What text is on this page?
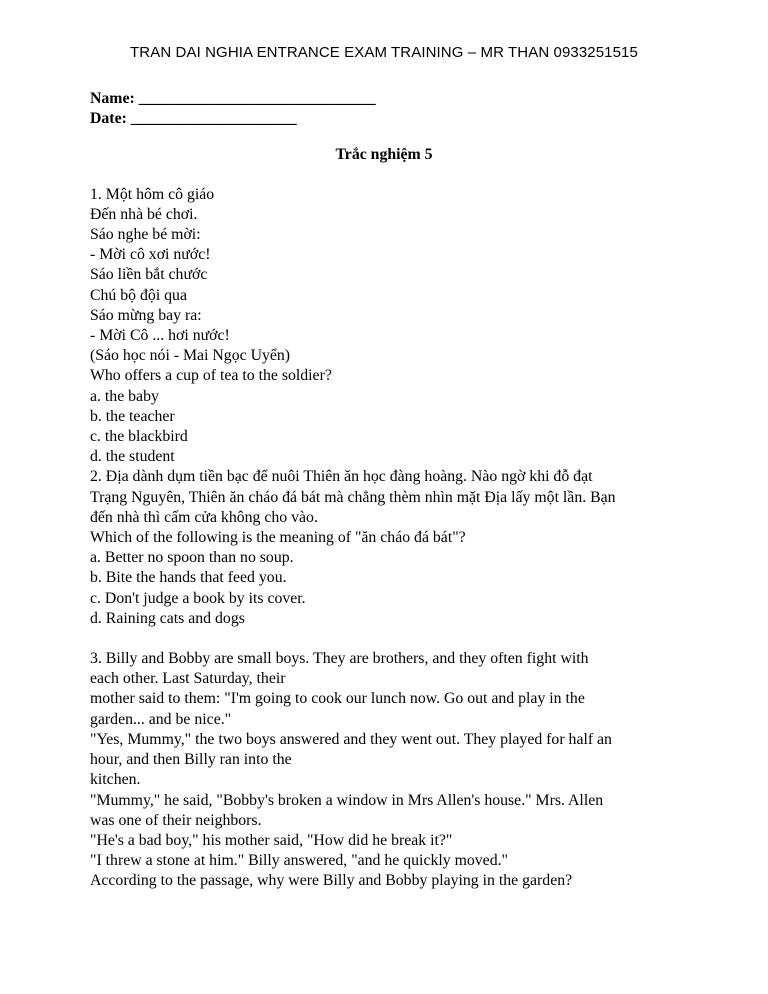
TRAN DAI NGHIA ENTRANCE EXAM TRAINING – MR THAN 0933251515
Name: ______________________________
Date: _____________________
Trắc nghiệm 5
1. Một hôm cô giáo
Đến nhà bé chơi.
Sáo nghe bé mời:
- Mời cô xơi nước!
Sáo liền bắt chước
Chú bộ đội qua
Sáo mừng bay ra:
- Mời Cô ... hơi nước!
(Sáo học nói - Mai Ngọc Uyển)
Who offers a cup of tea to the soldier?
a. the baby
b. the teacher
c. the blackbird
d. the student
2. Địa dành dụm tiền bạc để nuôi Thiên ăn học đàng hoàng. Nào ngờ khi đỗ đạt
Trạng Nguyên, Thiên ăn cháo đá bát mà chẳng thèm nhìn mặt Địa lấy một lần. Bạn
đến nhà thì cấm cửa không cho vào.
Which of the following is the meaning of "ăn cháo đá bát"?
a. Better no spoon than no soup.
b. Bite the hands that feed you.
c. Don't judge a book by its cover.
d. Raining cats and dogs
3. Billy and Bobby are small boys. They are brothers, and they often fight with
each other. Last Saturday, their
mother said to them: "I'm going to cook our lunch now. Go out and play in the
garden... and be nice."
"Yes, Mummy," the two boys answered and they went out. They played for half an
hour, and then Billy ran into the
kitchen.
"Mummy," he said, "Bobby's broken a window in Mrs Allen's house." Mrs. Allen
was one of their neighbors.
"He's a bad boy," his mother said, "How did he break it?"
"I threw a stone at him." Billy answered, "and he quickly moved."
According to the passage, why were Billy and Bobby playing in the garden?
